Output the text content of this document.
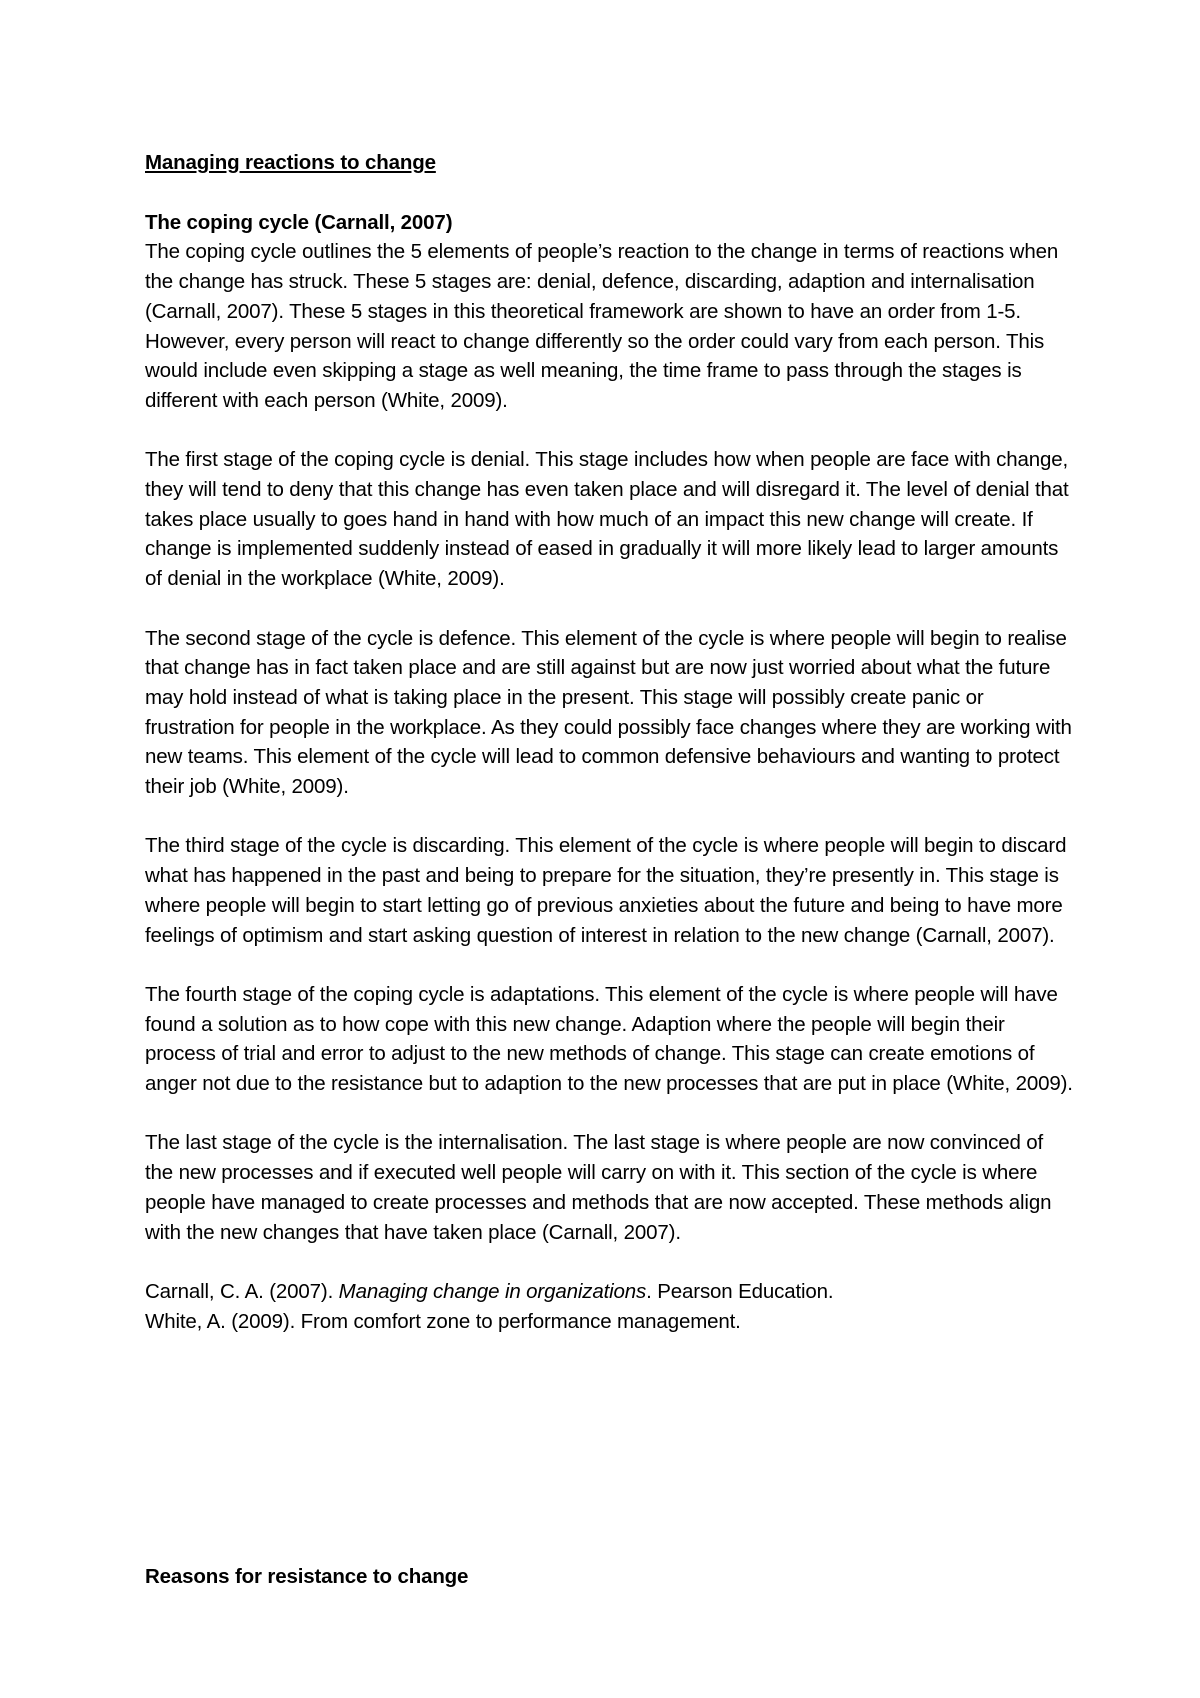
Managing reactions to change

The coping cycle (Carnall, 2007)

The coping cycle outlines the 5 elements of people’s reaction to the change in terms of reactions when the change has struck. These 5 stages are: denial, defence, discarding, adaption and internalisation (Carnall, 2007). These 5 stages in this theoretical framework are shown to have an order from 1-5. However, every person will react to change differently so the order could vary from each person. This would include even skipping a stage as well meaning, the time frame to pass through the stages is different with each person (White, 2009).

The first stage of the coping cycle is denial. This stage includes how when people are face with change, they will tend to deny that this change has even taken place and will disregard it. The level of denial that takes place usually to goes hand in hand with how much of an impact this new change will create. If change is implemented suddenly instead of eased in gradually it will more likely lead to larger amounts of denial in the workplace (White, 2009).

The second stage of the cycle is defence. This element of the cycle is where people will begin to realise that change has in fact taken place and are still against but are now just worried about what the future may hold instead of what is taking place in the present. This stage will possibly create panic or frustration for people in the workplace. As they could possibly face changes where they are working with new teams. This element of the cycle will lead to common defensive behaviours and wanting to protect their job (White, 2009).

The third stage of the cycle is discarding. This element of the cycle is where people will begin to discard what has happened in the past and being to prepare for the situation, they’re presently in. This stage is where people will begin to start letting go of previous anxieties about the future and being to have more feelings of optimism and start asking question of interest in relation to the new change (Carnall, 2007).

The fourth stage of the coping cycle is adaptations. This element of the cycle is where people will have found a solution as to how cope with this new change. Adaption where the people will begin their process of trial and error to adjust to the new methods of change. This stage can create emotions of anger not due to the resistance but to adaption to the new processes that are put in place (White, 2009).

The last stage of the cycle is the internalisation. The last stage is where people are now convinced of the new processes and if executed well people will carry on with it. This section of the cycle is where people have managed to create processes and methods that are now accepted. These methods align with the new changes that have taken place (Carnall, 2007).

Carnall, C. A. (2007). Managing change in organizations. Pearson Education.

White, A. (2009). From comfort zone to performance management.

Reasons for resistance to change
